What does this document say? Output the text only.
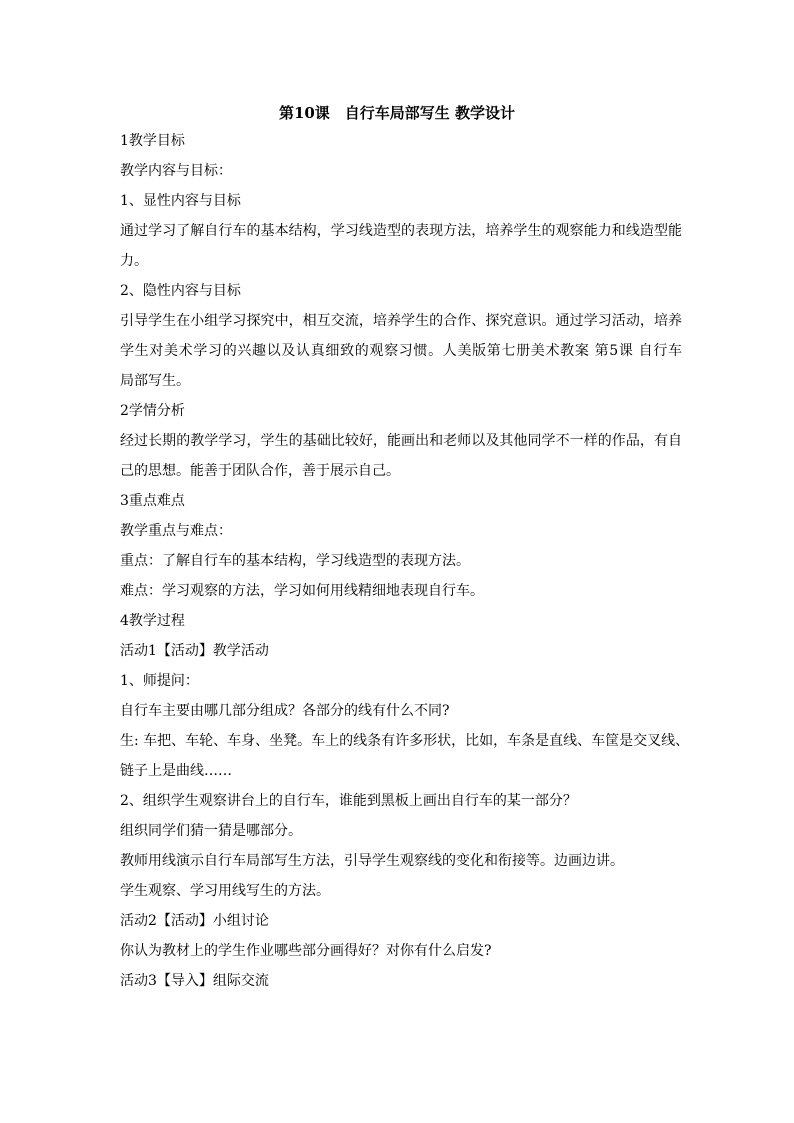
第10课　自行车局部写生 教学设计
1教学目标
教学内容与目标：
1、显性内容与目标
通过学习了解自行车的基本结构，学习线造型的表现方法，培养学生的观察能力和线造型能
力。
2、隐性内容与目标
引导学生在小组学习探究中，相互交流，培养学生的合作、探究意识。通过学习活动，培养
学生对美术学习的兴趣以及认真细致的观察习惯。人美版第七册美术教案 第5课 自行车
局部写生。
2学情分析
经过长期的教学学习，学生的基础比较好，能画出和老师以及其他同学不一样的作品，有自
己的思想。能善于团队合作，善于展示自己。
3重点难点
教学重点与难点：
重点：了解自行车的基本结构，学习线造型的表现方法。
难点：学习观察的方法，学习如何用线精细地表现自行车。
4教学过程
活动1【活动】教学活动
1、师提问：
自行车主要由哪几部分组成？各部分的线有什么不同?
生: 车把、车轮、车身、坐凳。车上的线条有许多形状，比如，车条是直线、车筐是交叉线、
链子上是曲线……
2、组织学生观察讲台上的自行车，谁能到黑板上画出自行车的某一部分？
组织同学们猜一猜是哪部分。
教师用线演示自行车局部写生方法，引导学生观察线的变化和衔接等。边画边讲。
学生观察、学习用线写生的方法。
活动2【活动】小组讨论
你认为教材上的学生作业哪些部分画得好？对你有什么启发?
活动3【导入】组际交流
